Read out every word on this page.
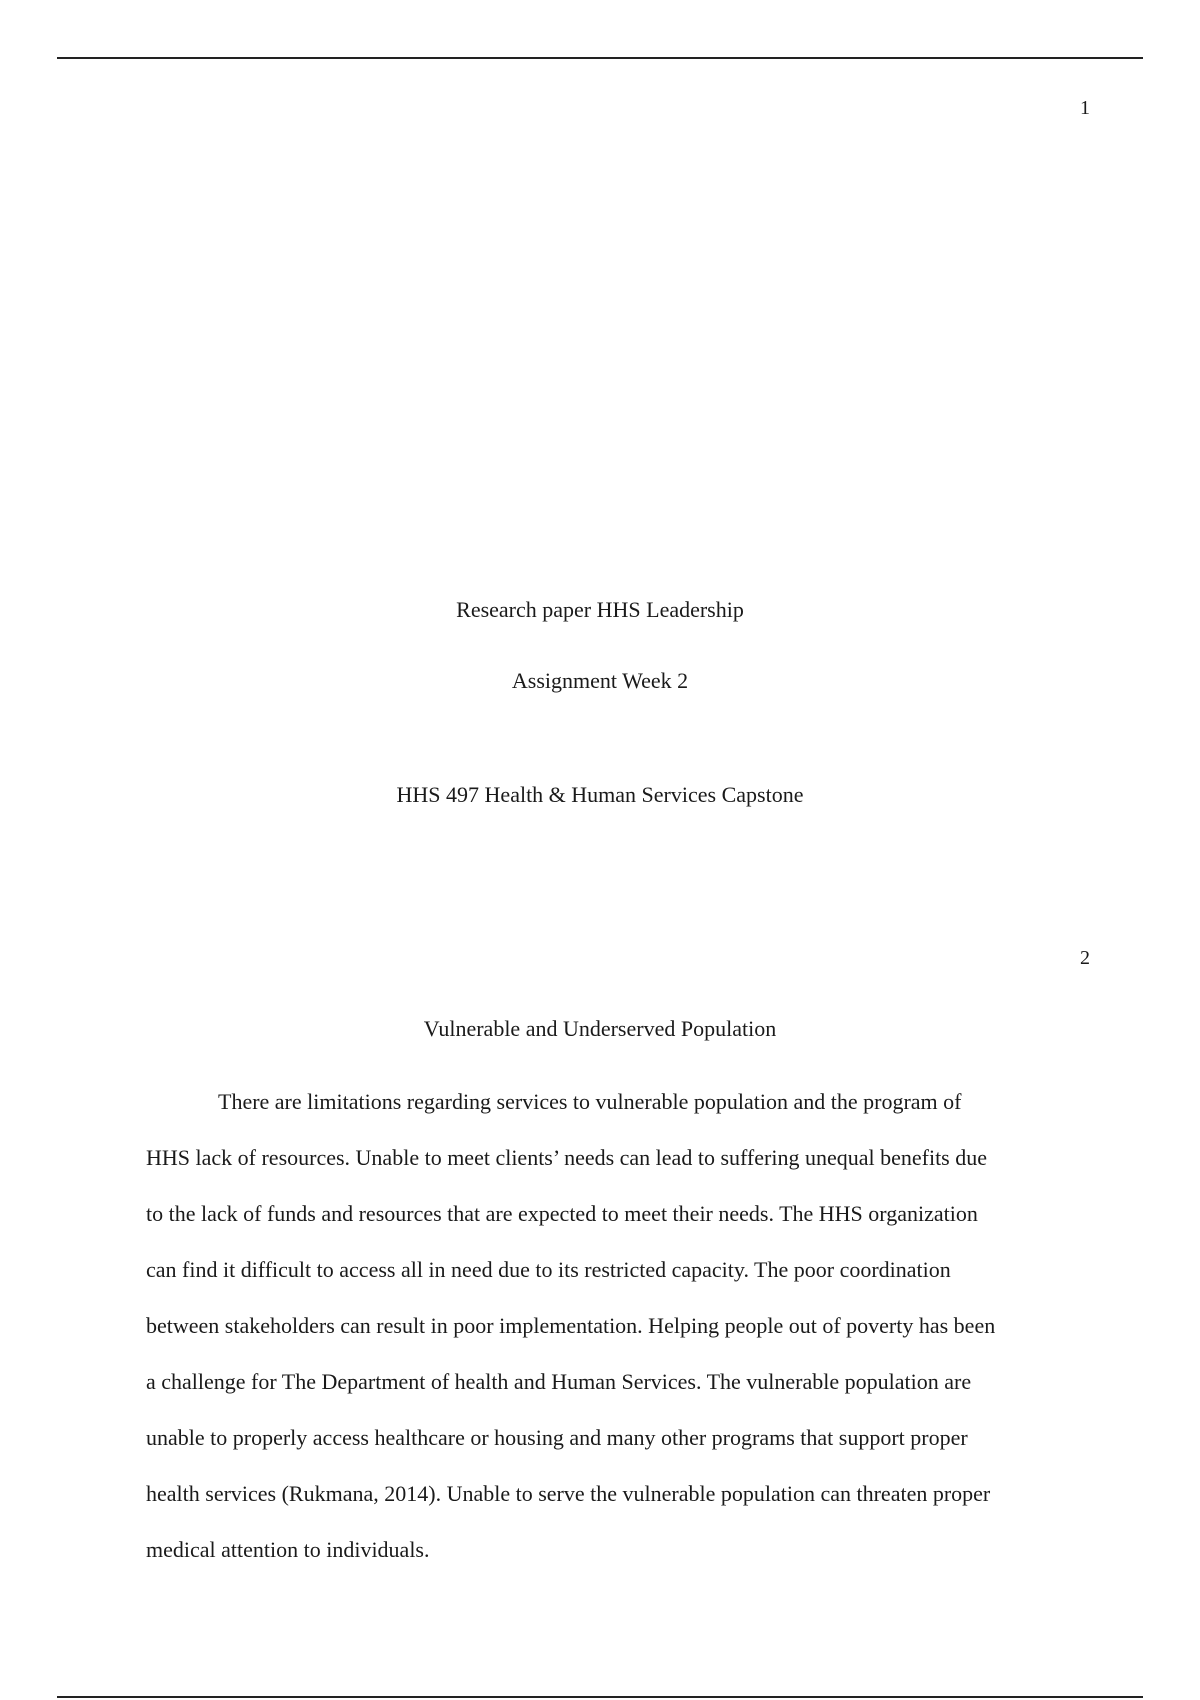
1
Research paper HHS Leadership
Assignment Week 2
HHS 497 Health & Human Services Capstone
2
Vulnerable and Underserved Population
There are limitations regarding services to vulnerable population and the program of
HHS lack of resources. Unable to meet clients’ needs can lead to suffering unequal benefits due
to the lack of funds and resources that are expected to meet their needs. The HHS organization
can find it difficult to access all in need due to its restricted capacity. The poor coordination
between stakeholders can result in poor implementation. Helping people out of poverty has been
a challenge for The Department of health and Human Services. The vulnerable population are
unable to properly access healthcare or housing and many other programs that support proper
health services (Rukmana, 2014). Unable to serve the vulnerable population can threaten proper
medical attention to individuals.
